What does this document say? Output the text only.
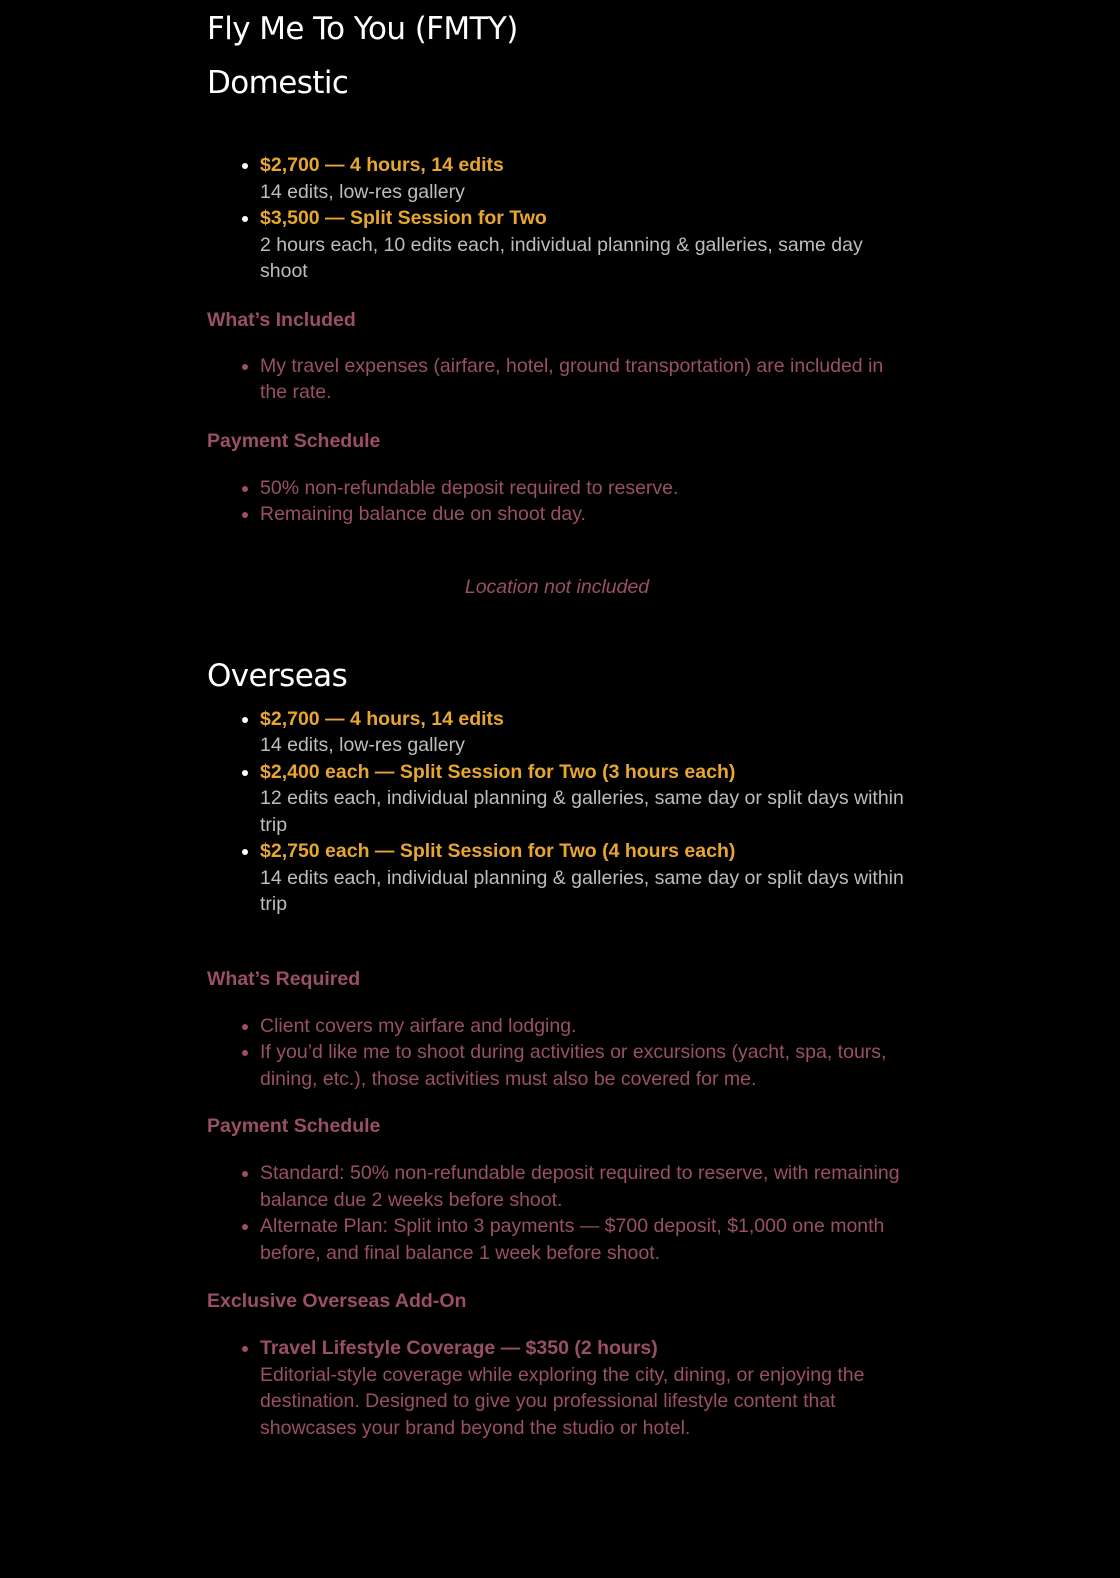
Fly Me To You (FMTY)
Domestic
• $2,700 — 4 hours, 14 edits
14 edits, low-res gallery
• $3,500 — Split Session for Two
2 hours each, 10 edits each, individual planning & galleries, same day shoot
What’s Included
• My travel expenses (airfare, hotel, ground transportation) are included in the rate.
Payment Schedule
• 50% non-refundable deposit required to reserve.
• Remaining balance due on shoot day.

Location not included

Overseas
• $2,700 — 4 hours, 14 edits
14 edits, low-res gallery
• $2,400 each — Split Session for Two (3 hours each)
12 edits each, individual planning & galleries, same day or split days within trip
• $2,750 each — Split Session for Two (4 hours each)
14 edits each, individual planning & galleries, same day or split days within trip
What’s Required
• Client covers my airfare and lodging.
• If you’d like me to shoot during activities or excursions (yacht, spa, tours, dining, etc.), those activities must also be covered for me.
Payment Schedule
• Standard: 50% non-refundable deposit required to reserve, with remaining balance due 2 weeks before shoot.
• Alternate Plan: Split into 3 payments — $700 deposit, $1,000 one month before, and final balance 1 week before shoot.
Exclusive Overseas Add-On
• Travel Lifestyle Coverage — $350 (2 hours)
Editorial-style coverage while exploring the city, dining, or enjoying the destination. Designed to give you professional lifestyle content that showcases your brand beyond the studio or hotel.
